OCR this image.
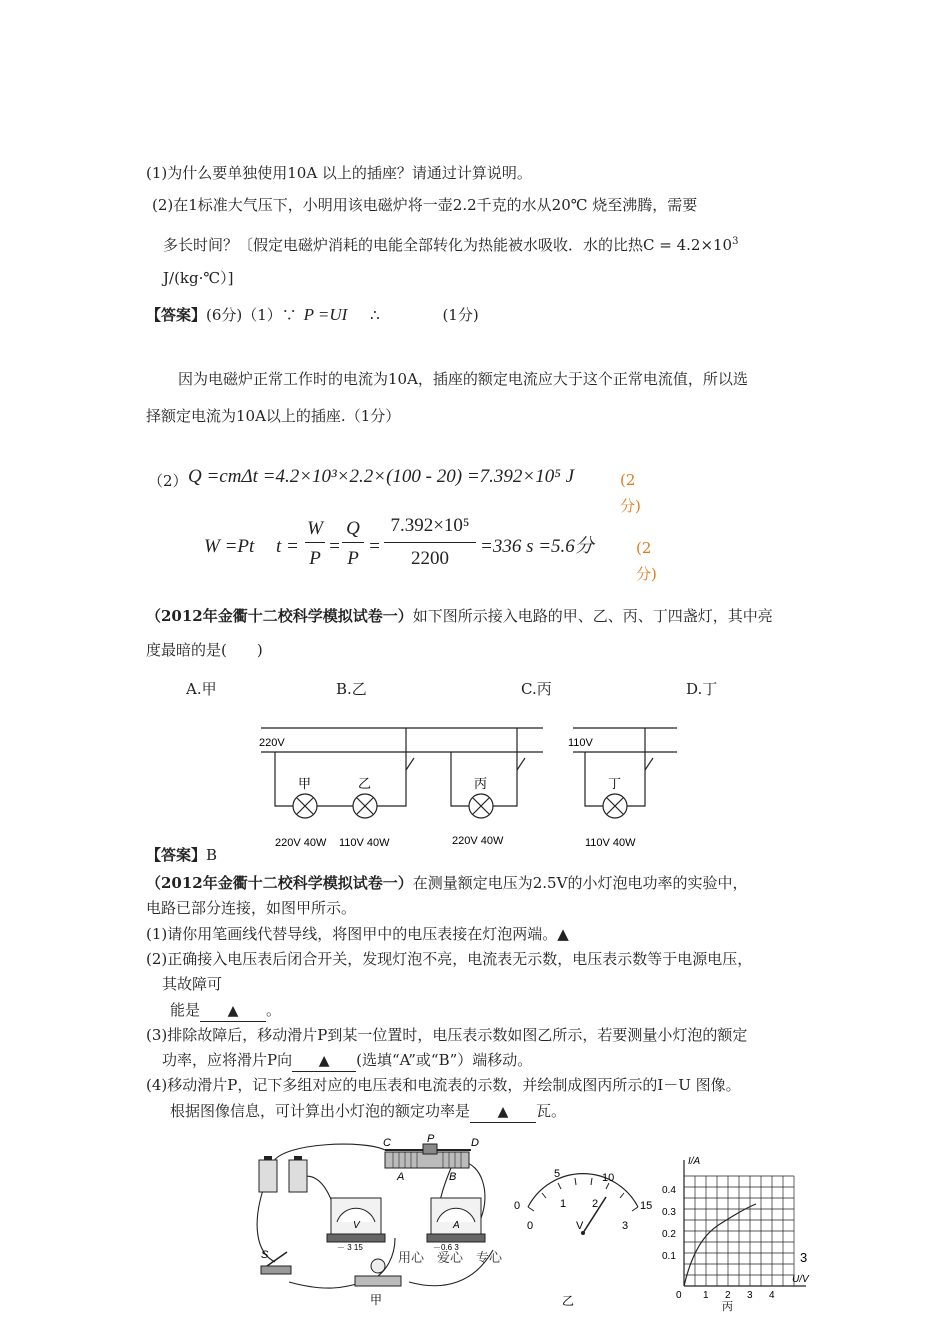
(1)为什么要单独使用10A 以上的插座？请通过计算说明。
(2)在1标准大气压下，小明用该电磁炉将一壶2.2千克的水从20℃ 烧至沸腾，需要
多长时间？〔假定电磁炉消耗的电能全部转化为热能被水吸收．水的比热$C = 4.2\times 10^3$
J/(kg·℃）]
【答案】(6分)（1）∵ P =UI ∴	(1分)
因为电磁炉正常工作时的电流为10A，插座的额定电流应大于这个正常电流值，所以选
择额定电流为10A以上的插座.（1分）
（2） Q =cmΔt =4.2×10³×2.2×(100 - 20) =7.392×10⁵ J	(2
分)
W =Pt t =
W
P
=
Q
P
=
7.392×10⁵
2200
=336 s =5.6分	(2
分)
（2012年金衢十二校科学模拟试卷一）如下图所示接入电路的甲、乙、丙、丁四盏灯，其中亮
度最暗的是(　　)
A.甲	B.乙	C.丙	D.丁
220V	110V
甲	乙	丙	丁
220V 40W 110V 40W	220V 40W	110V 40W
【答案】B
（2012年金衢十二校科学模拟试卷一）在测量额定电压为2.5V的小灯泡电功率的实验中，
电路已部分连接，如图甲所示。
(1)请你用笔画线代替导线，将图甲中的电压表接在灯泡两端。▲
(2)正确接入电压表后闭合开关，发现灯泡不亮，电流表无示数，电压表示数等于电源电压，
其故障可
能是 ▲ 。
(3)排除故障后，移动滑片P到某一位置时，电压表示数如图乙所示，若要测量小灯泡的额定
功率，应将滑片P向 ▲ (选填“A”或“B”）端移动。
(4)移动滑片P，记下多组对应的电压表和电流表的示数，并绘制成图丙所示的I－U 图像。
根据图像信息，可计算出小灯泡的额定功率是 ▲ 瓦。
C	P	D
A	B
V
－ 3 15
A
－0.6 3
S	用心　爱心　专心
甲
0
5	10
15
0
1 2
3
V
乙
I/A
U/V
0.4
0.3
0.2
0.1
0 1 2 3 4
丙
3
